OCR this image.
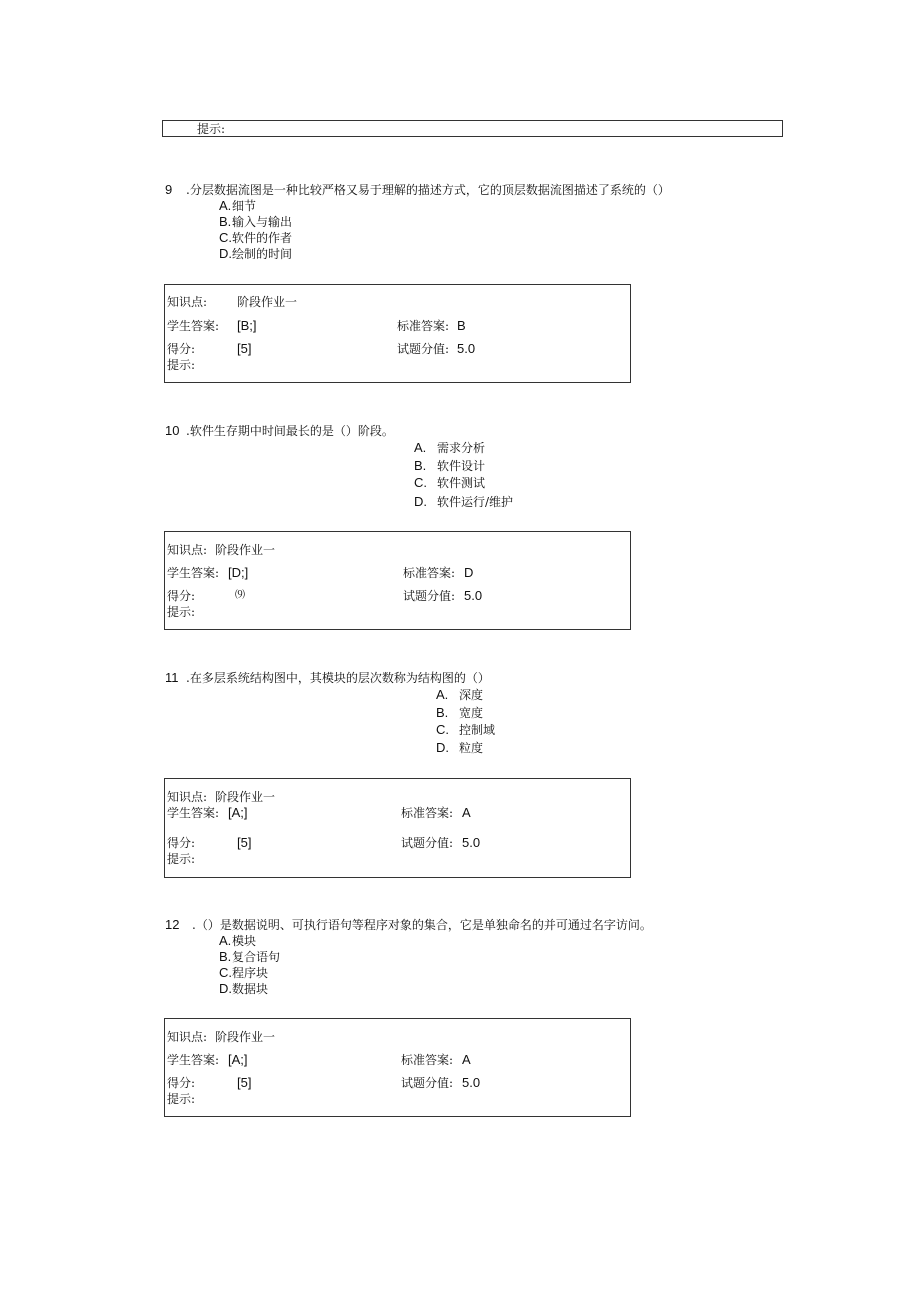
提示:
9 .分层数据流图是一种比较严格又易于理解的描述方式，它的顶层数据流图描述了系统的（）
A. 细节
B. 输入与输出
C. 软件的作者
D. 绘制的时间
知识点: 阶段作业一
学生答案: [B;]	标准答案: B
得分:	[5]	试题分值: 5.0
提示:
10 .软件生存期中时间最长的是（）阶段。
A. 需求分析
B. 软件设计
C. 软件测试
D. 软件运行/维护
知识点: 阶段作业一
学生答案: [D;]	标准答案: D
得分:	⑼	试题分值: 5.0
提示:
11 .在多层系统结构图中，其模块的层次数称为结构图的（）
A. 深度
B. 宽度
C. 控制域
D. 粒度
知识点: 阶段作业一
学生答案: [A;]	标准答案: A
得分:	[5]	试题分值: 5.0
提示:
12 .（）是数据说明、可执行语句等程序对象的集合，它是单独命名的并可通过名字访问。
A. 模块
B. 复合语句
C. 程序块
D. 数据块
知识点: 阶段作业一
学生答案: [A;]	标准答案: A
得分:	[5]	试题分值: 5.0
提示:
